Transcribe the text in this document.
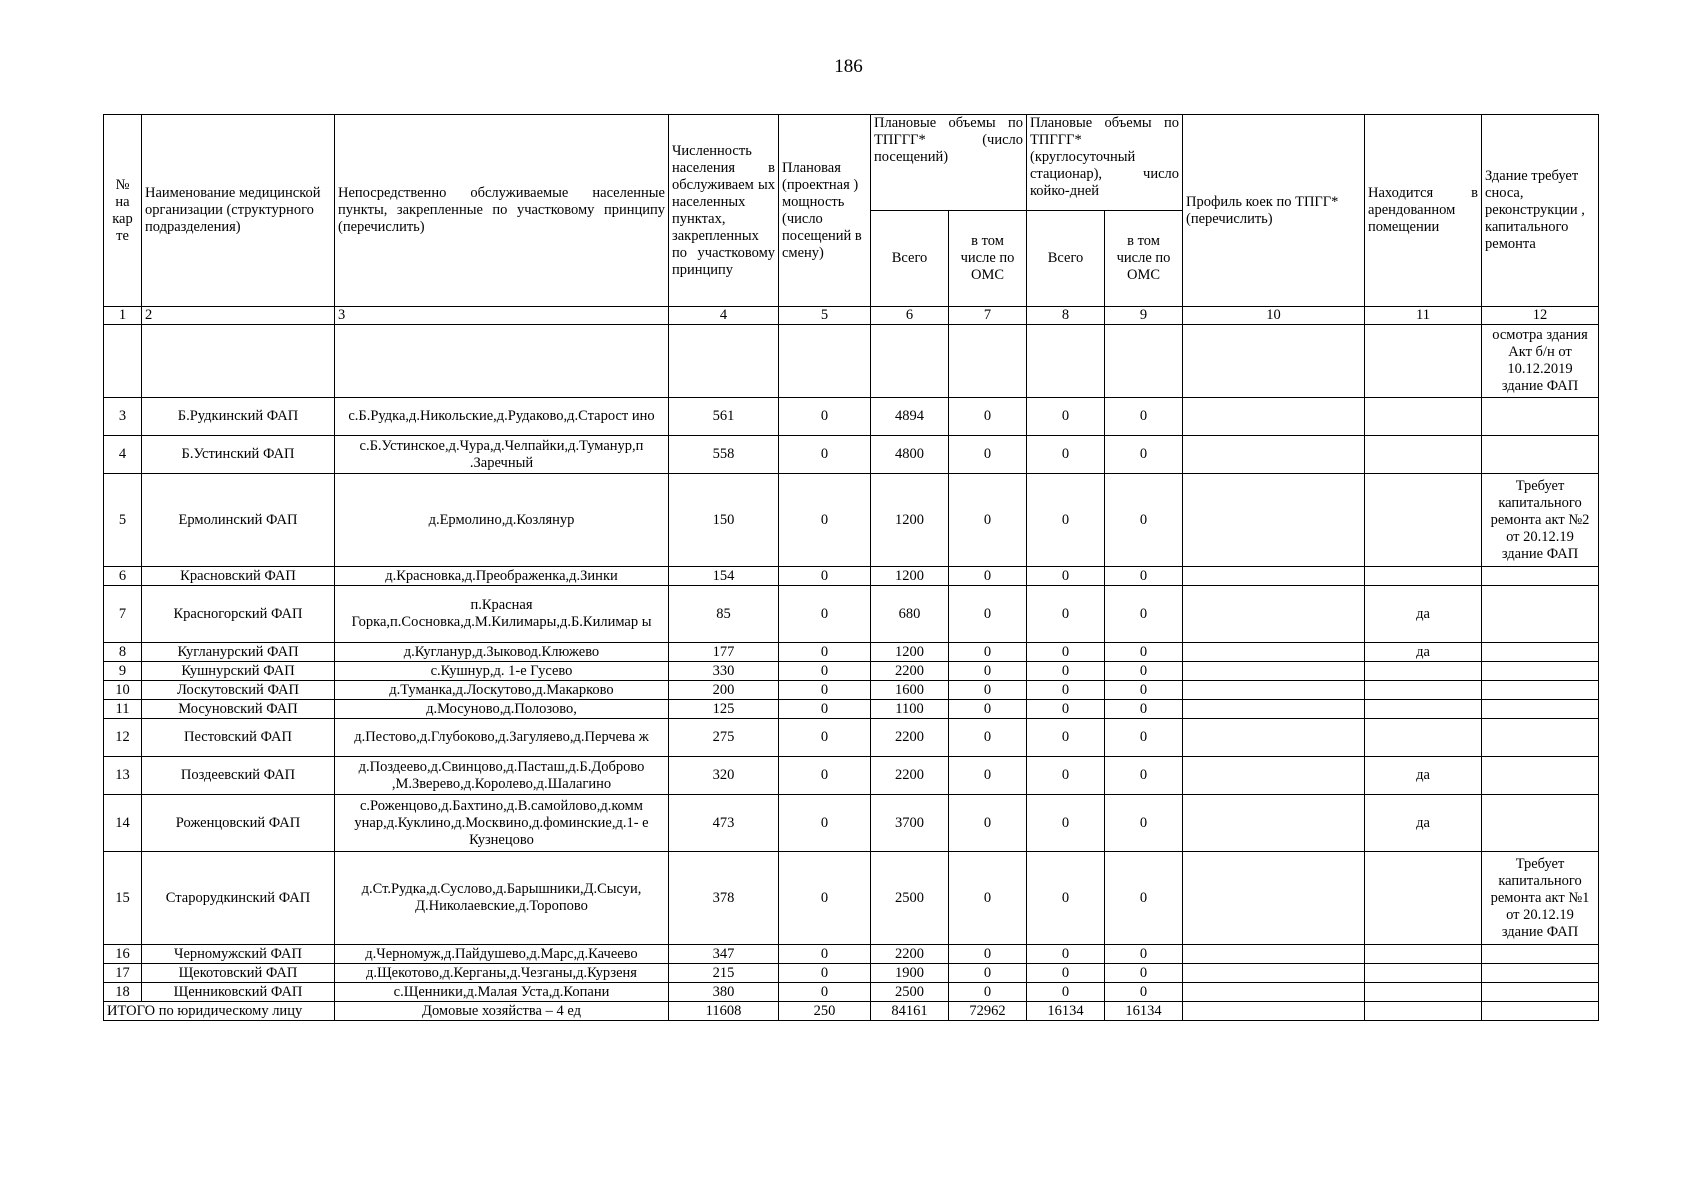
186
№ на кар те	Наименование медицинской организации (структурного подразделения)	Непосредственно обслуживаемые населенные пункты, закрепленные по участковому принципу (перечислить)	Численность населения в обслуживаем ых населенных пунктах, закрепленных по участковому принципу	Плановая (проектная ) мощность (число посещений в смену)	Плановые объемы по ТПГГГ* (число посещений)		Плановые объемы по ТПГГГ* (круглосуточный стационар), число койко-дней		Профиль коек по ТПГГ* (перечислить)	Находится в арендованном помещении	Здание требует сноса, реконструкции , капитального ремонта
					Всего	в том числе по ОМС	Всего	в том числе по ОМС			
1	2	3	4	5	6	7	8	9	10	11	12
											осмотра здания Акт б/н от 10.12.2019 здание ФАП
3	Б.Рудкинский ФАП	с.Б.Рудка,д.Никольские,д.Рудаково,д.Старост ино	561	0	4894	0	0	0			
4	Б.Устинский ФАП	с.Б.Устинское,д.Чура,д.Челпайки,д.Туманур,п .Заречный	558	0	4800	0	0	0			
5	Ермолинский ФАП	д.Ермолино,д.Козлянур	150	0	1200	0	0	0			Требует капитального ремонта акт №2 от 20.12.19 здание ФАП
6	Красновский ФАП	д.Красновка,д.Преображенка,д.Зинки	154	0	1200	0	0	0			
7	Красногорский ФАП	п.Красная Горка,п.Сосновка,д.М.Килимары,д.Б.Килимар ы	85	0	680	0	0	0		да	
8	Кугланурский ФАП	д.Кугланур,д.Зыковод.Клюжево	177	0	1200	0	0	0		да	
9	Кушнурский ФАП	с.Кушнур,д. 1-е Гусево	330	0	2200	0	0	0			
10	Лоскутовский ФАП	д.Туманка,д.Лоскутово,д.Макарково	200	0	1600	0	0	0			
11	Мосуновский ФАП	д.Мосуново,д.Полозово,	125	0	1100	0	0	0			
12	Пестовский ФАП	д.Пестово,д.Глубоково,д.Загуляево,д.Перчева ж	275	0	2200	0	0	0			
13	Поздеевский ФАП	д.Поздеево,д.Свинцово,д.Пасташ,д.Б.Доброво ,М.Зверево,д.Королево,д.Шалагино	320	0	2200	0	0	0		да	
14	Роженцовский ФАП	с.Роженцово,д.Бахтино,д.В.самойлово,д.комм унар,д.Куклино,д.Москвино,д.фоминские,д.1- е Кузнецово	473	0	3700	0	0	0		да	
15	Старорудкинский ФАП	д.Ст.Рудка,д.Суслово,д.Барышники,Д.Сысуи, Д.Николаевские,д.Торопово	378	0	2500	0	0	0			Требует капитального ремонта акт №1 от 20.12.19 здание ФАП
16	Черномужский ФАП	д.Черномуж,д.Пайдушево,д.Марс,д.Качеево	347	0	2200	0	0	0			
17	Щекотовский ФАП	д.Щекотово,д.Керганы,д.Чезганы,д.Курзеня	215	0	1900	0	0	0			
18	Щенниковский ФАП	с.Щенники,д.Малая Уста,д.Копани	380	0	2500	0	0	0			
ИТОГО по юридическому лицу		Домовые хозяйства – 4 ед	11608	250	84161	72962	16134	16134			
